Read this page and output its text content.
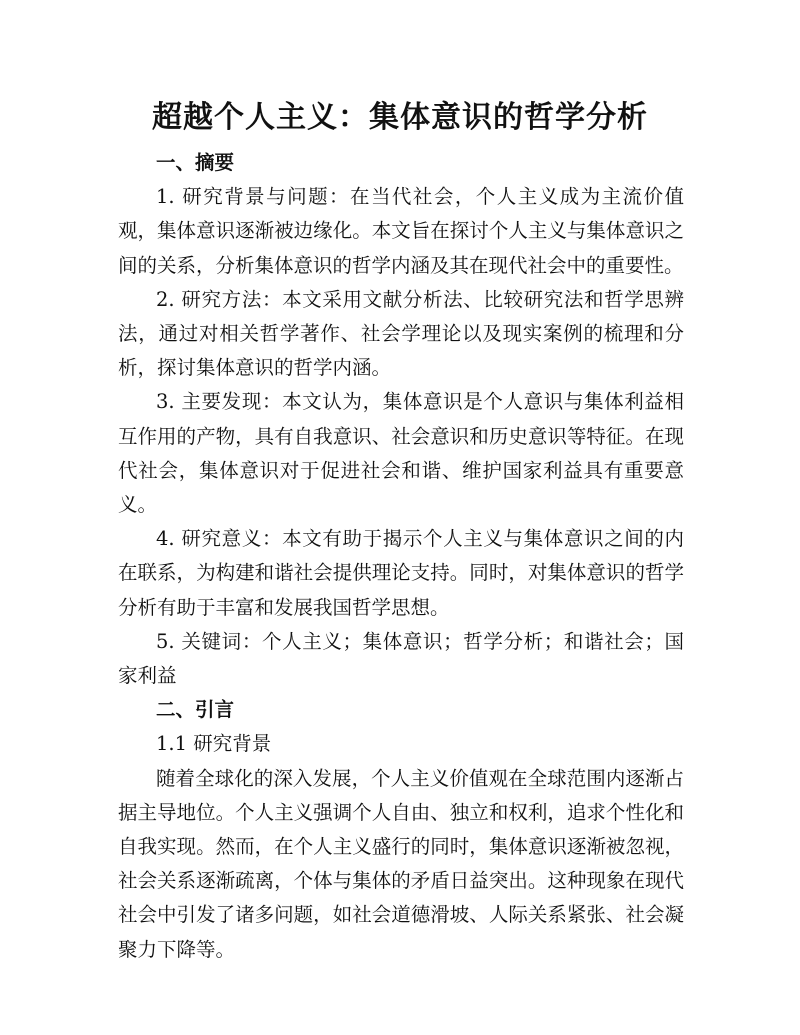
超越个人主义：集体意识的哲学分析

一、摘要

1. 研究背景与问题：在当代社会，个人主义成为主流价值观，集体意识逐渐被边缘化。本文旨在探讨个人主义与集体意识之间的关系，分析集体意识的哲学内涵及其在现代社会中的重要性。

2. 研究方法：本文采用文献分析法、比较研究法和哲学思辨法，通过对相关哲学著作、社会学理论以及现实案例的梳理和分析，探讨集体意识的哲学内涵。

3. 主要发现：本文认为，集体意识是个人意识与集体利益相互作用的产物，具有自我意识、社会意识和历史意识等特征。在现代社会，集体意识对于促进社会和谐、维护国家利益具有重要意义。

4. 研究意义：本文有助于揭示个人主义与集体意识之间的内在联系，为构建和谐社会提供理论支持。同时，对集体意识的哲学分析有助于丰富和发展我国哲学思想。

5. 关键词：个人主义；集体意识；哲学分析；和谐社会；国家利益

二、引言

1.1 研究背景

随着全球化的深入发展，个人主义价值观在全球范围内逐渐占据主导地位。个人主义强调个人自由、独立和权利，追求个性化和自我实现。然而，在个人主义盛行的同时，集体意识逐渐被忽视，社会关系逐渐疏离，个体与集体的矛盾日益突出。这种现象在现代社会中引发了诸多问题，如社会道德滑坡、人际关系紧张、社会凝聚力下降等。
